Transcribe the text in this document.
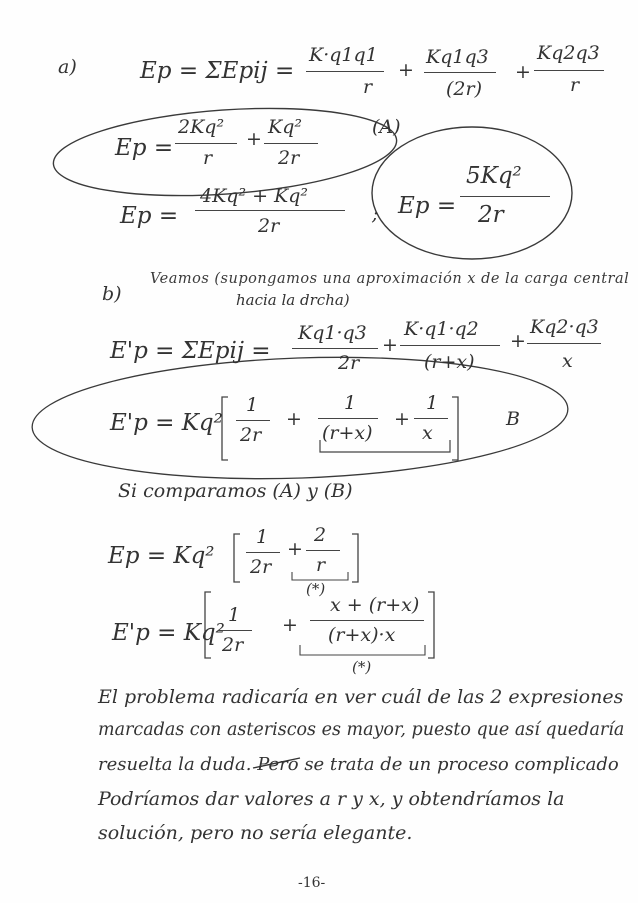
a)	Ep = ΣEpij =
K·q1q1
r
+
Kq1q3
(2r)
+
Kq2q3
r
Ep =
2Kq²
r
+
Kq²
2r
(A)
Ep =
4Kq² + Kq²
2r
; Ep =
5Kq²
2r
b)
Veamos (supongamos una aproximación x de la carga central
hacia la drcha)
E'p = ΣEpij =
Kq1·q3
2r
+
K·q1·q2
(r+x)
+
Kq2·q3
x
E'p = Kq²
1
2r
+
1
(r+x)
+
1
x
B
Si comparamos (A) y (B)
Ep = Kq²
1
2r
+
2
r
(*)
E'p = Kq²
1
2r
+
x + (r+x)
(r+x)·x
(*)
El problema radicaría en ver cuál de las 2 expresiones
marcadas con asteriscos es mayor, puesto que así quedaría
resuelta la duda. Pero se trata de un proceso complicado
Podríamos dar valores a r y x, y obtendríamos la
solución, pero no sería elegante.
-16-
